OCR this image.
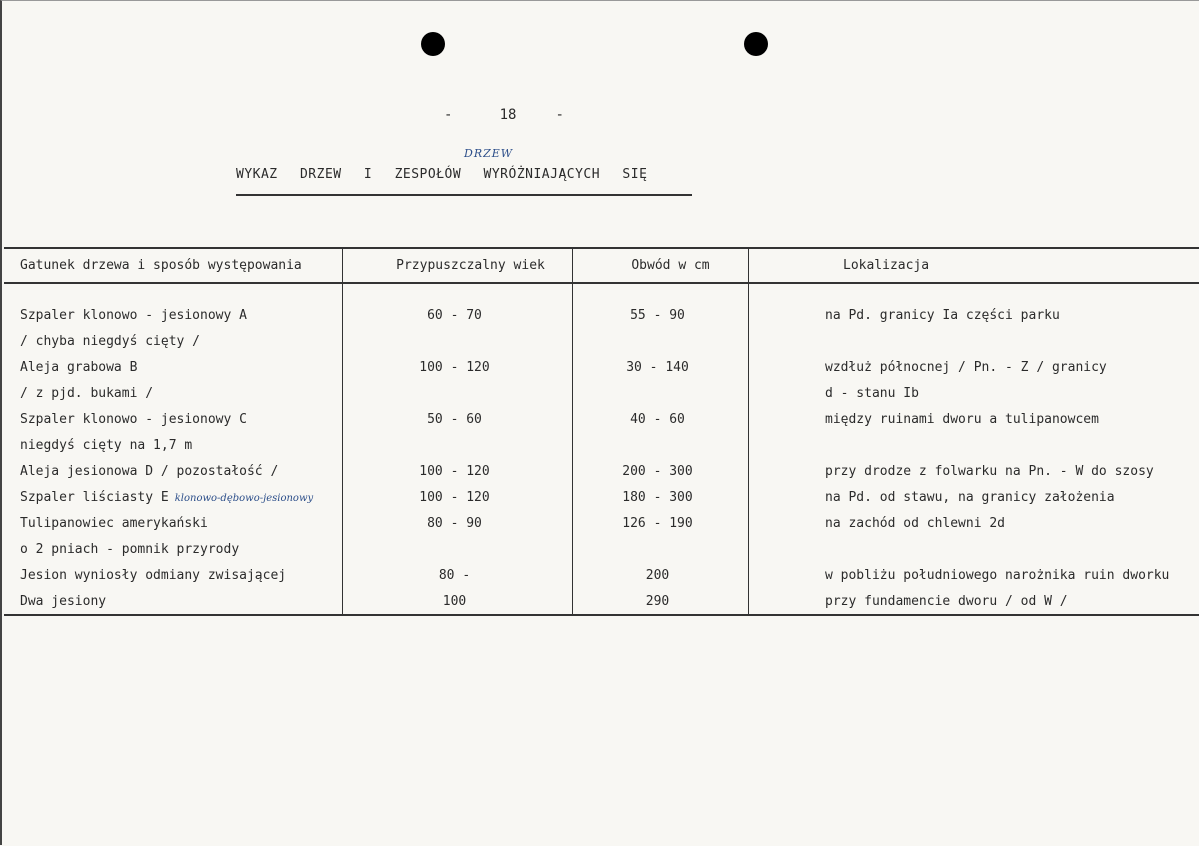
-	18	-
DRZEW
WYKAZ DRZEW I ZESPOŁÓW WYRÓŻNIAJĄCYCH SIĘ
Gatunek drzewa i sposób występowania	Przypuszczalny wiek	Obwód w cm	Lokalizacja
Szpaler klonowo - jesionowy A	60 - 70	55 - 90	na Pd. granicy Ia części parku
/ chyba niegdyś cięty /			
Aleja grabowa B	100 - 120	30 - 140	wzdłuż północnej / Pn. - Z / granicy
/ z pjd. bukami /			d - stanu Ib
Szpaler klonowo - jesionowy C	50 - 60	40 - 60	między ruinami dworu a tulipanowcem
niegdyś cięty na 1,7 m			
Aleja jesionowa D / pozostałość /	100 - 120	200 - 300	przy drodze z folwarku na Pn. - W do szosy
Szpaler liściasty E klonowo-dębowo-jesionowy	100 - 120	180 - 300	na Pd. od stawu, na granicy założenia
Tulipanowiec amerykański	80 - 90	126 - 190	na zachód od chlewni 2d
o 2 pniach - pomnik przyrody			
Jesion wyniosły odmiany zwisającej	80 -	200	w pobliżu południowego narożnika ruin dworku
Dwa jesiony	100	290	przy fundamencie dworu / od W /
